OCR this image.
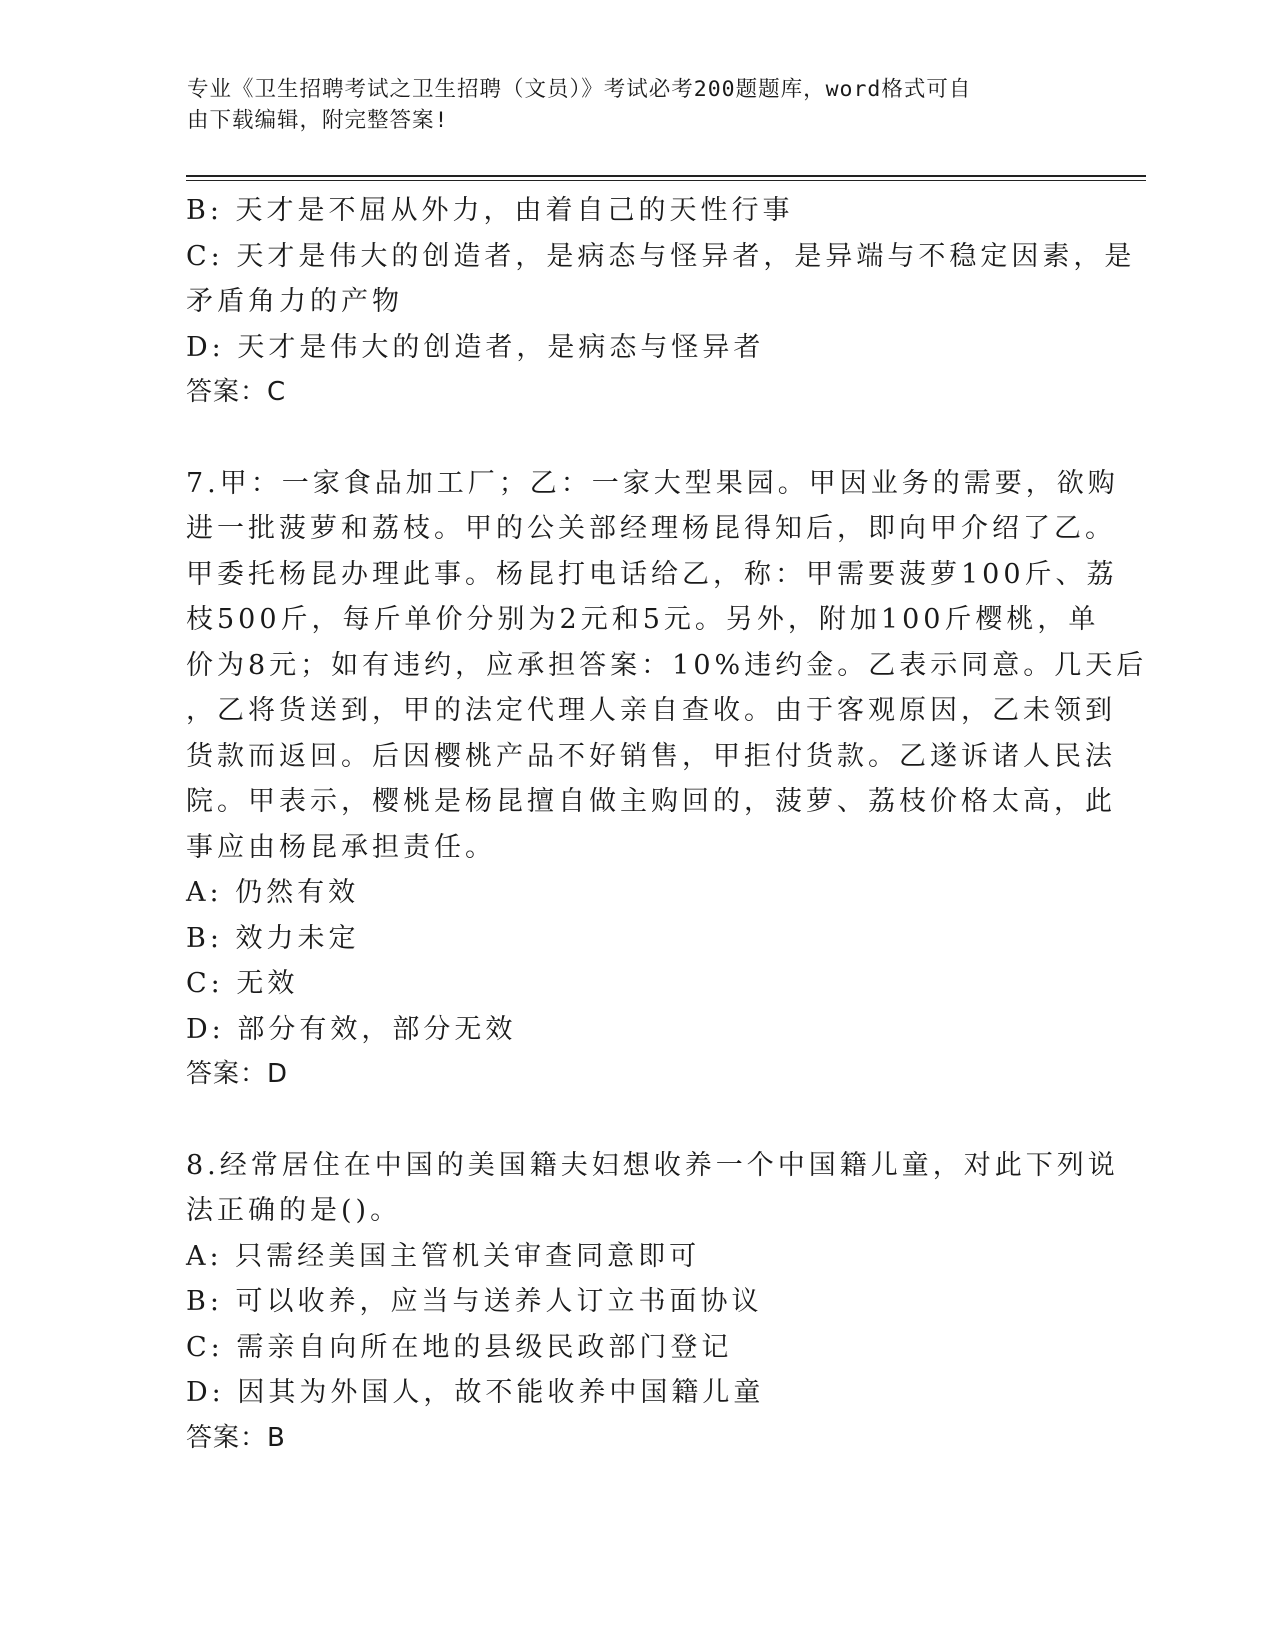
专业《卫生招聘考试之卫生招聘（文员）》考试必考200题题库，word格式可自
由下载编辑，附完整答案!
B: 天才是不屈从外力，由着自己的天性行事
C: 天才是伟大的创造者，是病态与怪异者，是异端与不稳定因素，是
矛盾角力的产物
D: 天才是伟大的创造者，是病态与怪异者
答案：C
7.甲：一家食品加工厂；乙：一家大型果园。甲因业务的需要，欲购
进一批菠萝和荔枝。甲的公关部经理杨昆得知后，即向甲介绍了乙。
甲委托杨昆办理此事。杨昆打电话给乙，称：甲需要菠萝100斤、荔
枝500斤，每斤单价分别为2元和5元。另外，附加100斤樱桃，单
价为8元；如有违约，应承担答案：10%违约金。乙表示同意。几天后
，乙将货送到，甲的法定代理人亲自查收。由于客观原因，乙未领到
货款而返回。后因樱桃产品不好销售，甲拒付货款。乙遂诉诸人民法
院。甲表示，樱桃是杨昆擅自做主购回的，菠萝、荔枝价格太高，此
事应由杨昆承担责任。
A: 仍然有效
B: 效力未定
C: 无效
D: 部分有效，部分无效
答案：D
8.经常居住在中国的美国籍夫妇想收养一个中国籍儿童，对此下列说
法正确的是()。
A: 只需经美国主管机关审查同意即可
B: 可以收养，应当与送养人订立书面协议
C: 需亲自向所在地的县级民政部门登记
D: 因其为外国人，故不能收养中国籍儿童
答案：B
